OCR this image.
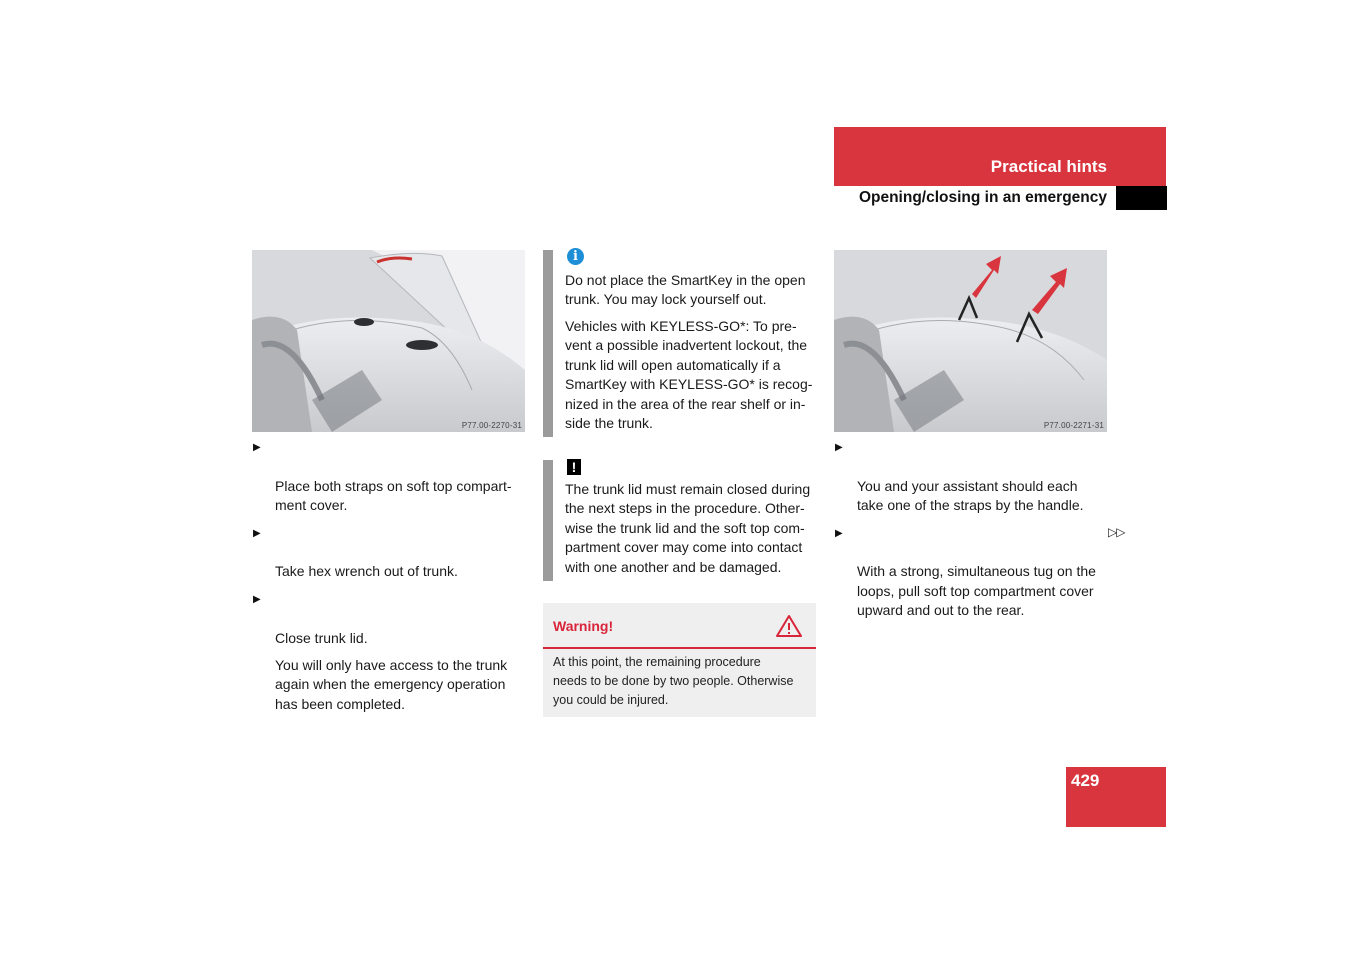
Practical hints
Opening/closing in an emergency
P77.00-2270-31

▶

Place both straps on soft top compart-
ment cover.

▶

Take hex wrench out of trunk.

▶

Close trunk lid.

You will only have access to the trunk
again when the emergency operation
has been completed.
i
Do not place the SmartKey in the open
trunk. You may lock yourself out.
Vehicles with KEYLESS-GO*: To pre-
vent a possible inadvertent lockout, the
trunk lid will open automatically if a
SmartKey with KEYLESS-GO* is recog-
nized in the area of the rear shelf or in-
side the trunk.
!
The trunk lid must remain closed during
the next steps in the procedure. Other-
wise the trunk lid and the soft top com-
partment cover may come into contact
with one another and be damaged.
Warning!
At this point, the remaining procedure
needs to be done by two people. Otherwise
you could be injured.
P77.00-2271-31

▶

You and your assistant should each
take one of the straps by the handle.

▶

With a strong, simultaneous tug on the
loops, pull soft top compartment cover
upward and out to the rear.

▷▷
429
